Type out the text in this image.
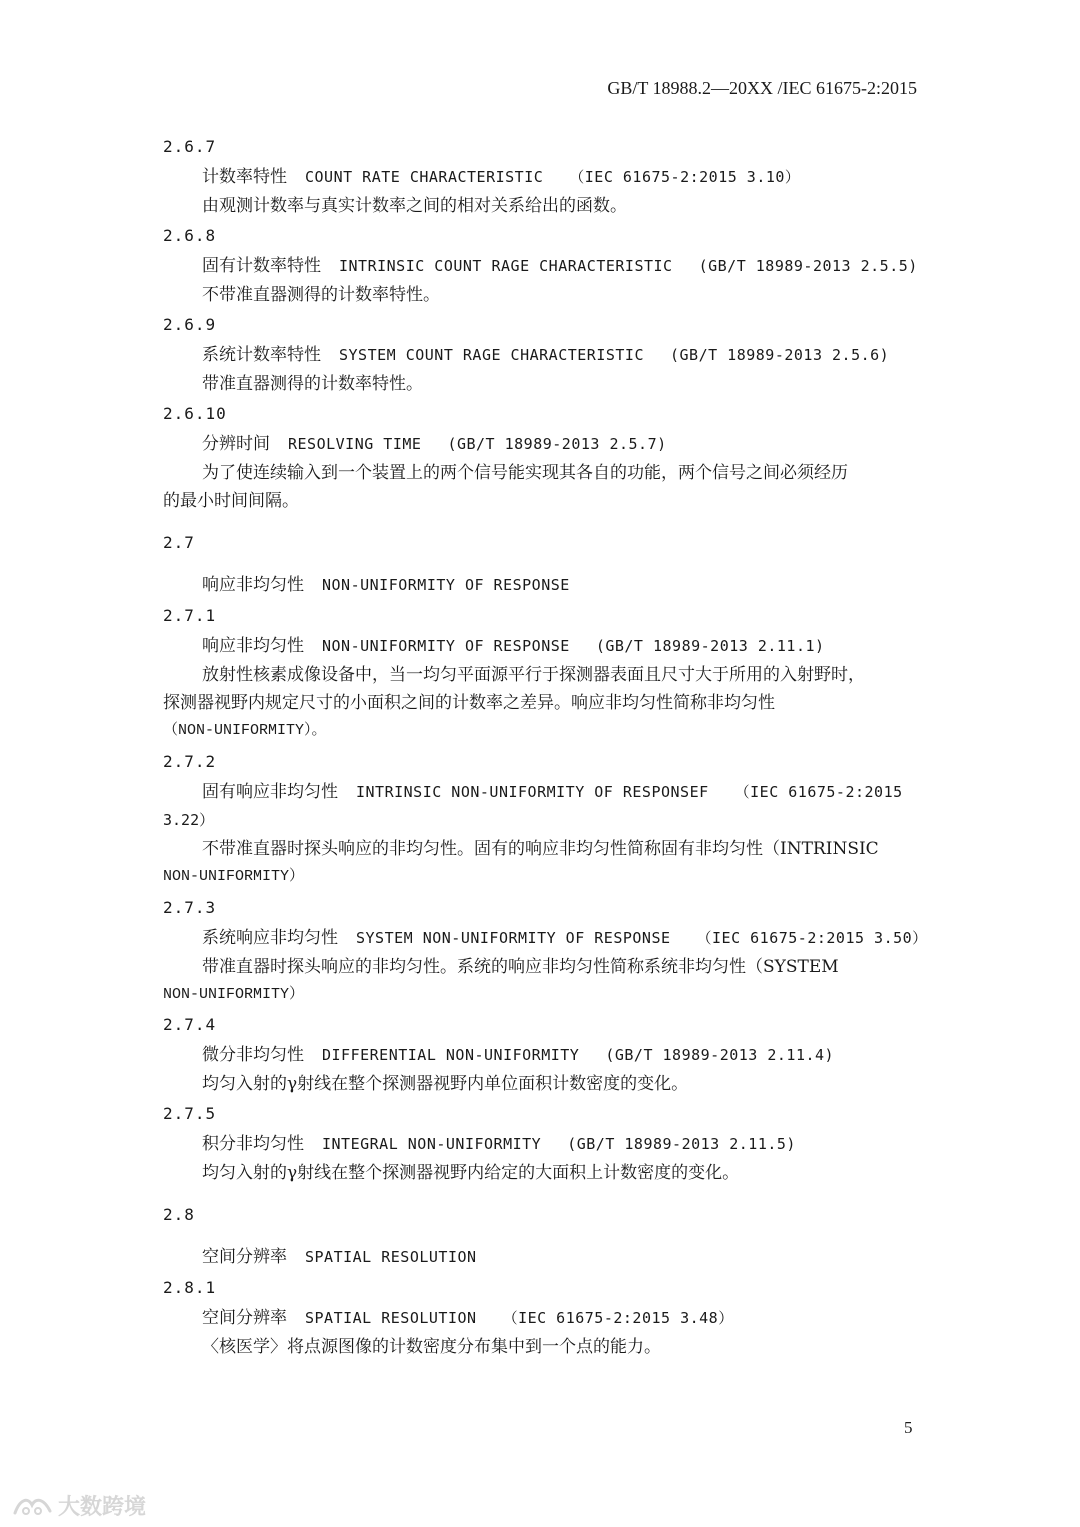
GB/T 18988.2—20XX /IEC 61675-2:2015
2.6.7
计数率特性 COUNT RATE CHARACTERISTIC （IEC 61675-2:2015 3.10）
由观测计数率与真实计数率之间的相对关系给出的函数。
2.6.8
固有计数率特性 INTRINSIC COUNT RAGE CHARACTERISTIC (GB/T 18989-2013 2.5.5)
不带准直器测得的计数率特性。
2.6.9
系统计数率特性 SYSTEM COUNT RAGE CHARACTERISTIC (GB/T 18989-2013 2.5.6)
带准直器测得的计数率特性。
2.6.10
分辨时间 RESOLVING TIME (GB/T 18989-2013 2.5.7)
为了使连续输入到一个装置上的两个信号能实现其各自的功能，两个信号之间必须经历
的最小时间间隔。
2.7
响应非均匀性 NON-UNIFORMITY OF RESPONSE
2.7.1
响应非均匀性 NON-UNIFORMITY OF RESPONSE (GB/T 18989-2013 2.11.1)
放射性核素成像设备中，当一均匀平面源平行于探测器表面且尺寸大于所用的入射野时，
探测器视野内规定尺寸的小面积之间的计数率之差异。响应非均匀性简称非均匀性
（NON-UNIFORMITY）。
2.7.2
固有响应非均匀性 INTRINSIC NON-UNIFORMITY OF RESPONSEF （IEC 61675-2:2015
3.22）
不带准直器时探头响应的非均匀性。固有的响应非均匀性简称固有非均匀性（INTRINSIC
NON-UNIFORMITY）
2.7.3
系统响应非均匀性 SYSTEM NON-UNIFORMITY OF RESPONSE （IEC 61675-2:2015 3.50）
带准直器时探头响应的非均匀性。系统的响应非均匀性简称系统非均匀性（SYSTEM
NON-UNIFORMITY）
2.7.4
微分非均匀性 DIFFERENTIAL NON-UNIFORMITY (GB/T 18989-2013 2.11.4)
均匀入射的γ射线在整个探测器视野内单位面积计数密度的变化。
2.7.5
积分非均匀性 INTEGRAL NON-UNIFORMITY (GB/T 18989-2013 2.11.5)
均匀入射的γ射线在整个探测器视野内给定的大面积上计数密度的变化。
2.8
空间分辨率 SPATIAL RESOLUTION
2.8.1
空间分辨率 SPATIAL RESOLUTION （IEC 61675-2:2015 3.48）
〈核医学〉将点源图像的计数密度分布集中到一个点的能力。
5
大数跨境
